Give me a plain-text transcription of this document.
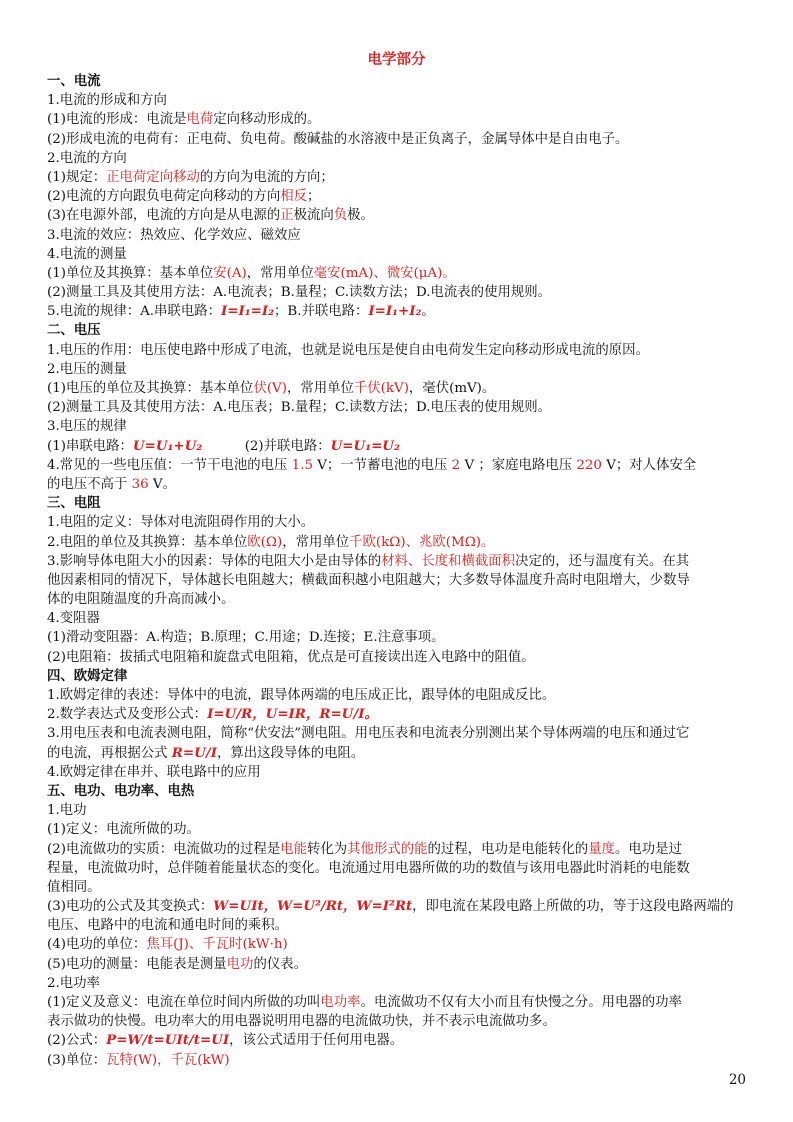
电学部分
一、电流
1.电流的形成和方向
(1)电流的形成：电流是电荷定向移动形成的。
(2)形成电流的电荷有：正电荷、负电荷。酸碱盐的水溶液中是正负离子，金属导体中是自由电子。
2.电流的方向
(1)规定：正电荷定向移动的方向为电流的方向；
(2)电流的方向跟负电荷定向移动的方向相反；
(3)在电源外部，电流的方向是从电源的正极流向负极。
3.电流的效应：热效应、化学效应、磁效应
4.电流的测量
(1)单位及其换算：基本单位安(A)，常用单位毫安(mA)、微安(μA)。
(2)测量工具及其使用方法：A.电流表；B.量程；C.读数方法；D.电流表的使用规则。
5.电流的规律：A.串联电路：I=I₁=I₂；B.并联电路：I=I₁+I₂。
二、电压
1.电压的作用：电压使电路中形成了电流，也就是说电压是使自由电荷发生定向移动形成电流的原因。
2.电压的测量
(1)电压的单位及其换算：基本单位伏(V)，常用单位千伏(kV)，毫伏(mV)。
(2)测量工具及其使用方法：A.电压表；B.量程；C.读数方法；D.电压表的使用规则。
3.电压的规律
(1)串联电路：U=U₁+U₂          (2)并联电路：U=U₁=U₂
4.常见的一些电压值：一节干电池的电压 1.5 V；一节蓄电池的电压 2 V ；家庭电路电压 220 V；对人体安全
的电压不高于 36 V。
三、电阻
1.电阻的定义：导体对电流阻碍作用的大小。
2.电阻的单位及其换算：基本单位欧(Ω)，常用单位千欧(kΩ)、兆欧(MΩ)。
3.影响导体电阻大小的因素：导体的电阻大小是由导体的材料、长度和横截面积决定的，还与温度有关。在其
他因素相同的情况下，导体越长电阻越大；横截面积越小电阻越大；大多数导体温度升高时电阻增大，少数导
体的电阻随温度的升高而减小。
4.变阻器
(1)滑动变阻器：A.构造；B.原理；C.用途；D.连接；E.注意事项。
(2)电阻箱：拔插式电阻箱和旋盘式电阻箱，优点是可直接读出连入电路中的阻值。
四、欧姆定律
1.欧姆定律的表述：导体中的电流，跟导体两端的电压成正比，跟导体的电阻成反比。
2.数学表达式及变形公式：I=U/R，U=IR，R=U/I。
3.用电压表和电流表测电阻，简称“伏安法”测电阻。用电压表和电流表分别测出某个导体两端的电压和通过它
的电流，再根据公式 R=U/I，算出这段导体的电阻。
4.欧姆定律在串并、联电路中的应用
五、电功、电功率、电热
1.电功
(1)定义：电流所做的功。
(2)电流做功的实质：电流做功的过程是电能转化为其他形式的能的过程，电功是电能转化的量度。电功是过
程量，电流做功时，总伴随着能量状态的变化。电流通过用电器所做的功的数值与该用电器此时消耗的电能数
值相同。
(3)电功的公式及其变换式：W=UIt，W=U²/Rt，W=I²Rt，即电流在某段电路上所做的功，等于这段电路两端的
电压、电路中的电流和通电时间的乘积。
(4)电功的单位：焦耳(J)、千瓦时(kW·h)
(5)电功的测量：电能表是测量电功的仪表。
2.电功率
(1)定义及意义：电流在单位时间内所做的功叫电功率。电流做功不仅有大小而且有快慢之分。用电器的功率
表示做功的快慢。电功率大的用电器说明用电器的电流做功快，并不表示电流做功多。
(2)公式：P=W/t=UIt/t=UI，该公式适用于任何用电器。
(3)单位：瓦特(W)，千瓦(kW)
20
